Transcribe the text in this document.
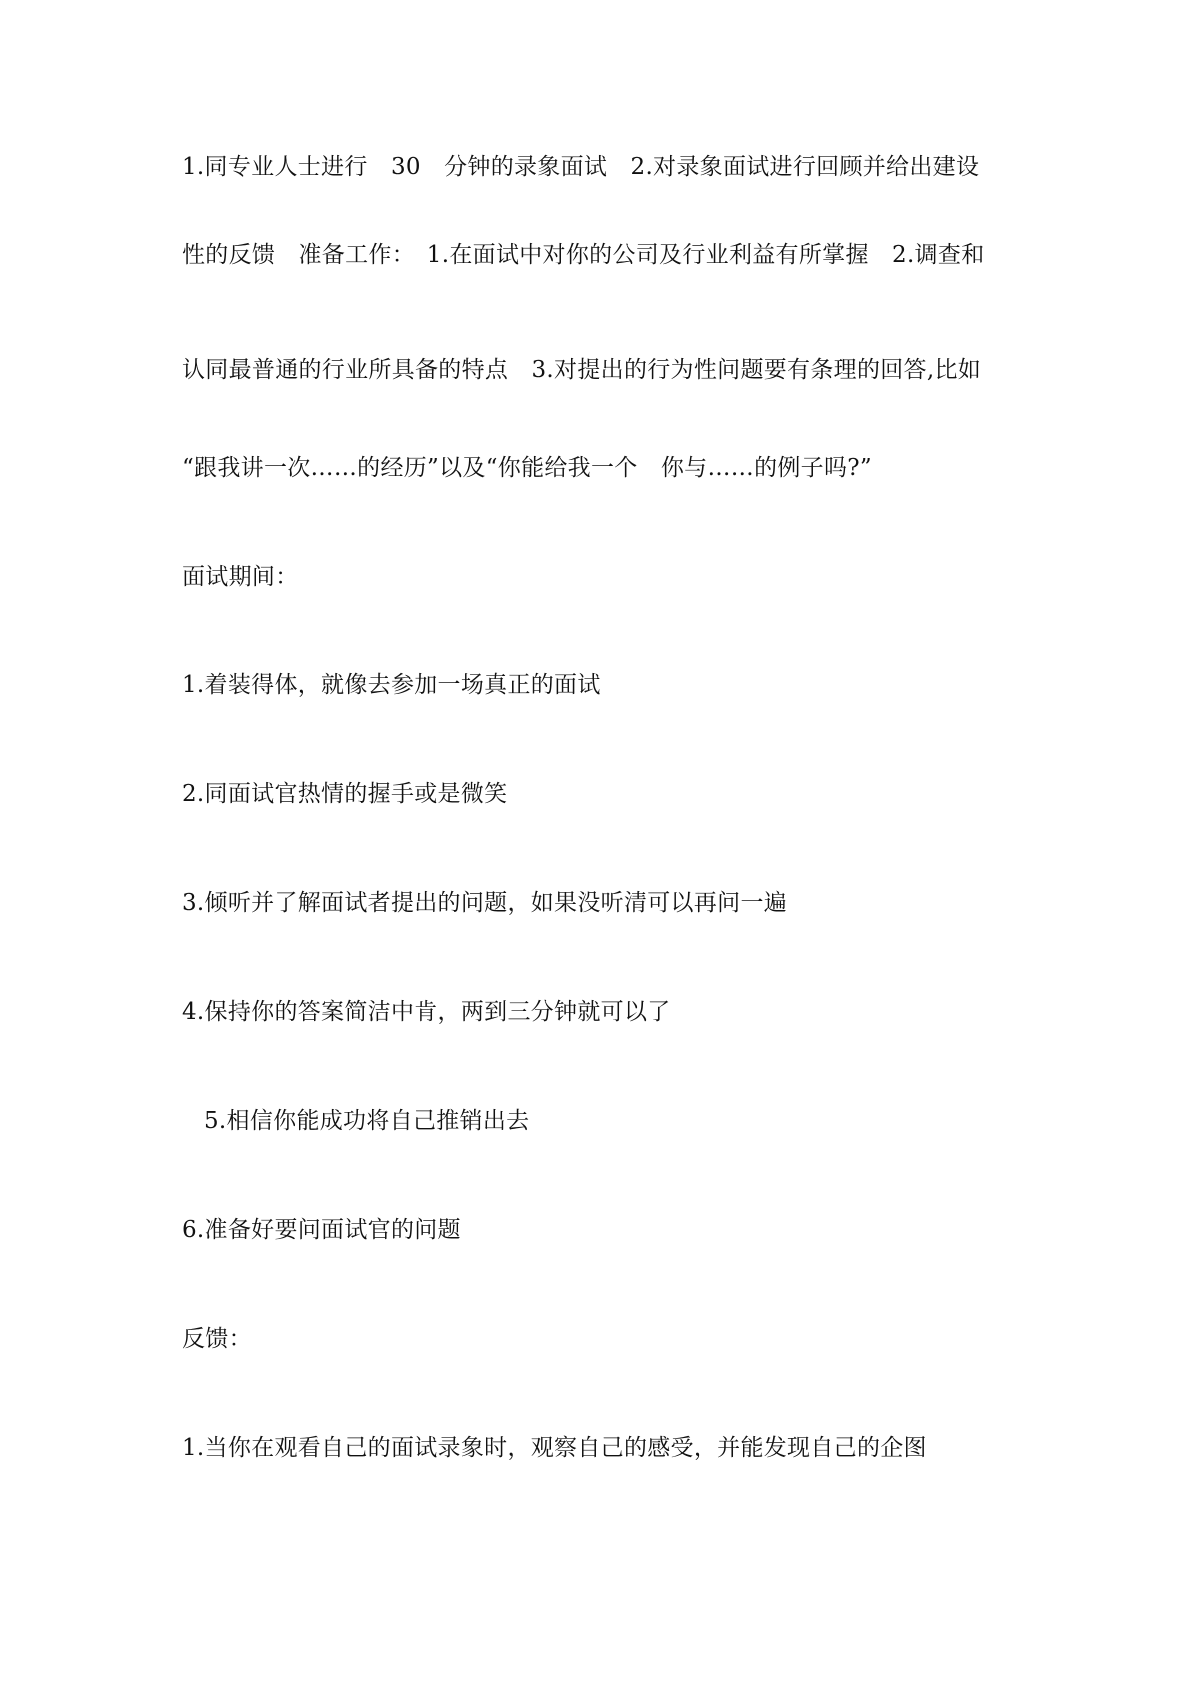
1.同专业人士进行　30　分钟的录象面试　2.对录象面试进行回顾并给出建设
性的反馈　准备工作：　1.在面试中对你的公司及行业利益有所掌握　2.调查和
认同最普通的行业所具备的特点　3.对提出的行为性问题要有条理的回答,比如
“跟我讲一次……的经历”以及“你能给我一个　你与……的例子吗?”
面试期间：
1.着装得体，就像去参加一场真正的面试
2.同面试官热情的握手或是微笑
3.倾听并了解面试者提出的问题，如果没听清可以再问一遍
4.保持你的答案简洁中肯，两到三分钟就可以了
5.相信你能成功将自己推销出去
6.准备好要问面试官的问题
反馈：
1.当你在观看自己的面试录象时，观察自己的感受，并能发现自己的企图
